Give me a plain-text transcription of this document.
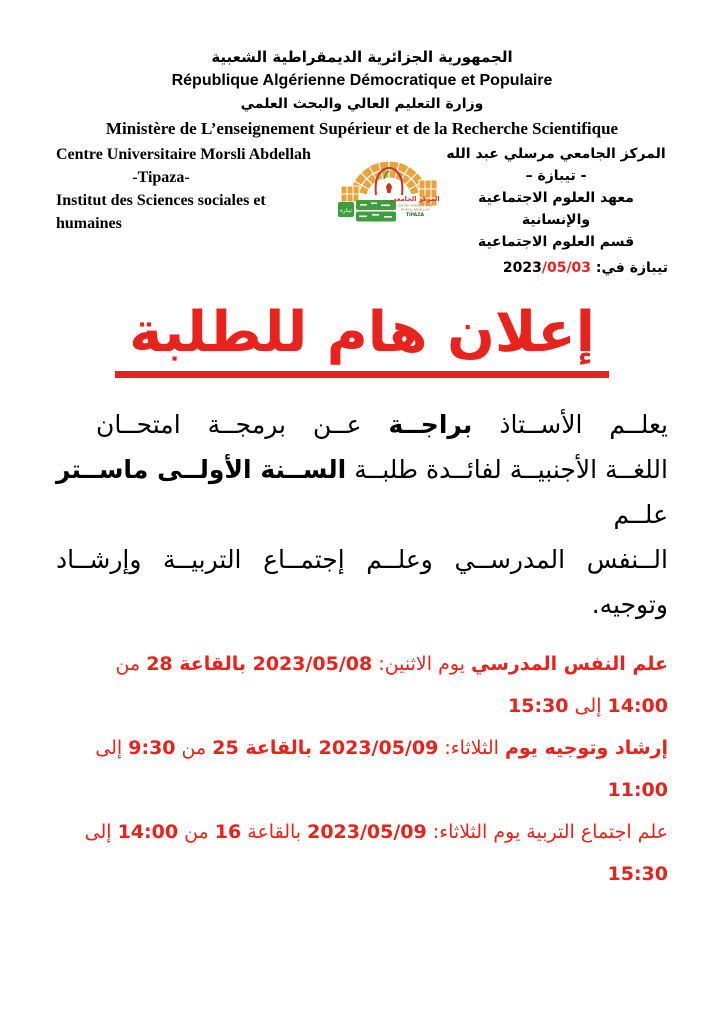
الجمهورية الجزائرية الديمقراطية الشعبية
République Algérienne Démocratique et Populaire
وزارة التعليم العالي والبحث العلمي
Ministère de L’enseignement Supérieur et de la Recherche Scientifique
Centre Universitaire Morsli Abdellah
-Tipaza-
Institut des Sciences sociales et humaines
تيبازة
المركز الجامعي
CENTRE UNIVERSITAIRE
MORSLI ABDELLAH
TIPAZA
المركز الجامعي مرسلي عبد الله
- تيبازة –
معهد العلوم الاجتماعية والإنسانية
قسم العلوم الاجتماعية
تيبازة في: 2023/05/03
إعلان هام للطلبة
يعلــم الأســتاذ براجــة عــن برمجــة امتحــان
اللغــة الأجنبيــة لفائــدة طلبــة الســنة الأولــى ماســتر علــم
الــنفس المدرســي وعلــم إجتمــاع التربيــة وإرشــاد
وتوجيه.
علم النفس المدرسي يوم الاثنين: 2023/05/08 بالقاعة 28 من 14:00 إلى 15:30
إرشاد وتوجيه يوم الثلاثاء: 2023/05/09 بالقاعة 25 من 9:30 إلى 11:00
علم اجتماع التربية يوم الثلاثاء: 2023/05/09 بالقاعة 16 من 14:00 إلى 15:30
